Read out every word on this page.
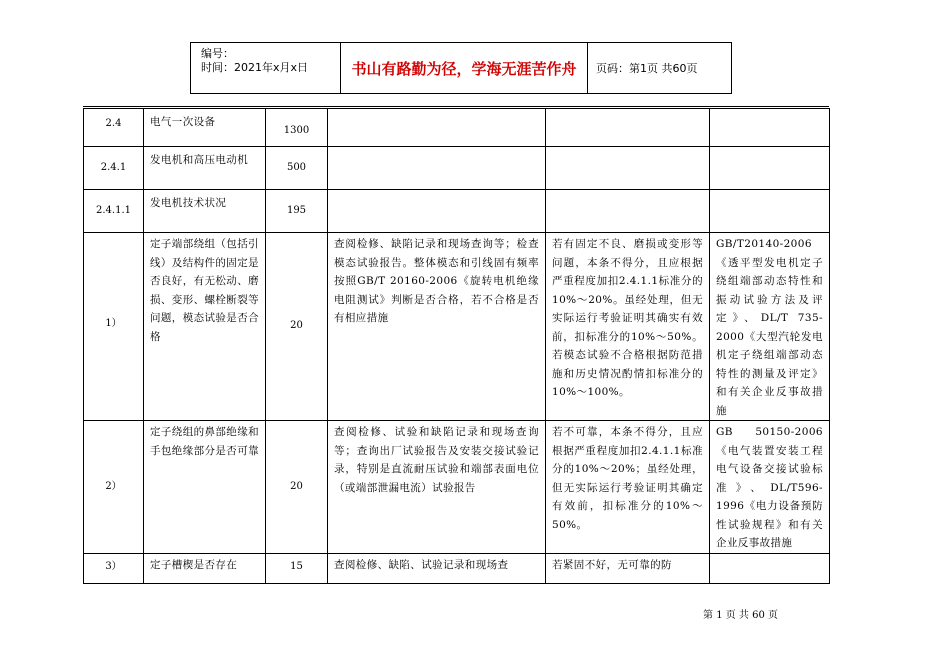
编号：
时间：2021年x月x日	书山有路勤为径，学海无涯苦作舟	页码：第1页 共60页
2.4	电气一次设备	1300			
2.4.1	发电机和高压电动机	500			
2.4.1.1	发电机技术状况	195			
1）	定子端部绕组（包括引线）及结构件的固定是否良好，有无松动、磨损、变形、螺栓断裂等问题，模态试验是否合格	20	查阅检修、缺陷记录和现场查询等；检查模态试验报告。整体模态和引线固有频率按照GB/T 20160-2006《旋转电机绝缘电阻测试》判断是否合格，若不合格是否有相应措施	若有固定不良、磨损或变形等问题，本条不得分，且应根据严重程度加扣2.4.1.1标准分的10%～20%。虽经处理，但无实际运行考验证明其确实有效前，扣标准分的10%～50%。若模态试验不合格根据防范措施和历史情况酌情扣标准分的10%～100%。	GB/T20140-2006《透平型发电机定子绕组端部动态特性和振动试验方法及评定》、DL/T 735-2000《大型汽轮发电机定子绕组端部动态特性的测量及评定》和有关企业反事故措施
2）	定子绕组的鼻部绝缘和手包绝缘部分是否可靠	20	查阅检修、试验和缺陷记录和现场查询等；查询出厂试验报告及安装交接试验记录，特别是直流耐压试验和端部表面电位（或端部泄漏电流）试验报告	若不可靠，本条不得分，且应根据严重程度加扣2.4.1.1标准分的10%～20%；虽经处理，但无实际运行考验证明其确定有效前，扣标准分的10%～50%。	GB 50150-2006《电气装置安装工程电气设备交接试验标准》、DL/T596-1996《电力设备预防性试验规程》和有关企业反事故措施
3）	定子槽楔是否存在	15	查阅检修、缺陷、试验记录和现场查	若紧固不好，无可靠的防	
第 1 页 共 60 页
